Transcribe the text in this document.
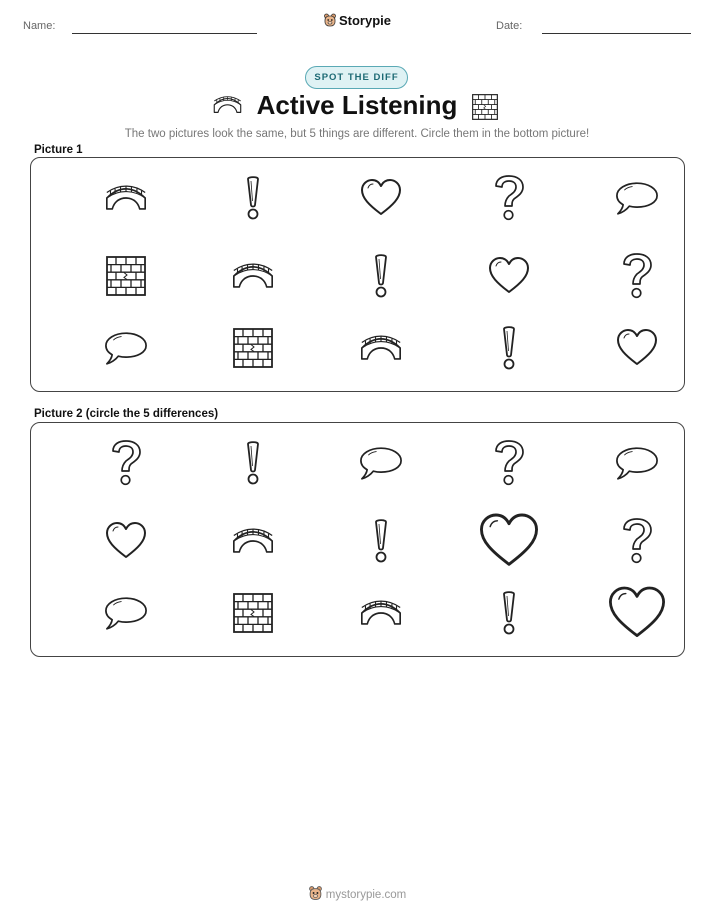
Name:	Storypie	Date:
SPOT THE DIFF
Active Listening
The two pictures look the same, but 5 things are different. Circle them in the bottom picture!
Picture 1
Picture 2 (circle the 5 differences)
mystorypie.com
